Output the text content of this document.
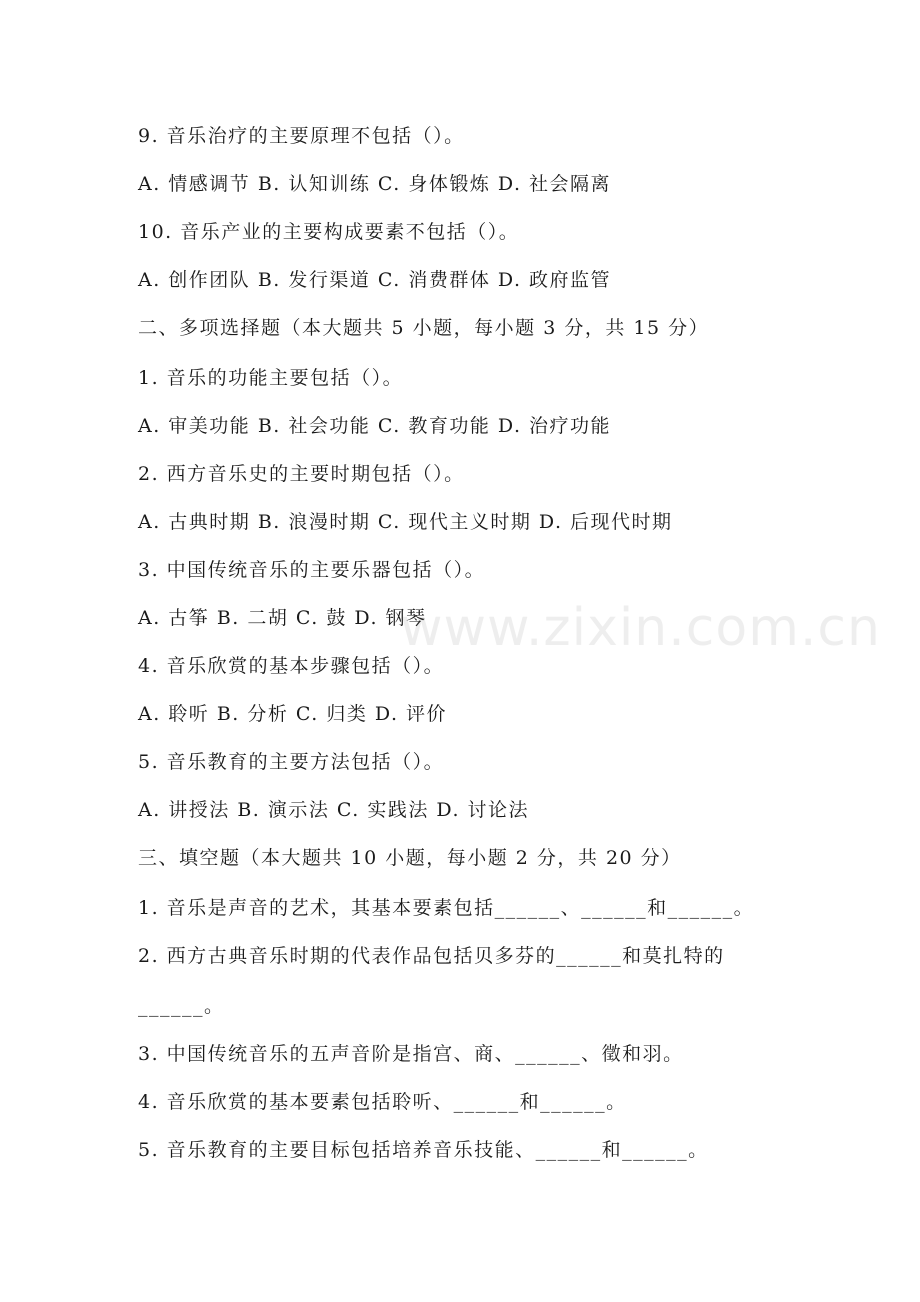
9. 音乐治疗的主要原理不包括（）。
A. 情感调节 B. 认知训练 C. 身体锻炼 D. 社会隔离
10. 音乐产业的主要构成要素不包括（）。
A. 创作团队 B. 发行渠道 C. 消费群体 D. 政府监管
二、多项选择题（本大题共 5 小题，每小题 3 分，共 15 分）
1. 音乐的功能主要包括（）。
A. 审美功能 B. 社会功能 C. 教育功能 D. 治疗功能
2. 西方音乐史的主要时期包括（）。
A. 古典时期 B. 浪漫时期 C. 现代主义时期 D. 后现代时期
3. 中国传统音乐的主要乐器包括（）。
A. 古筝 B. 二胡 C. 鼓 D. 钢琴
4. 音乐欣赏的基本步骤包括（）。
A. 聆听 B. 分析 C. 归类 D. 评价
5. 音乐教育的主要方法包括（）。
A. 讲授法 B. 演示法 C. 实践法 D. 讨论法
三、填空题（本大题共 10 小题，每小题 2 分，共 20 分）
1. 音乐是声音的艺术，其基本要素包括______、______和______。
2. 西方古典音乐时期的代表作品包括贝多芬的______和莫扎特的
______。
3. 中国传统音乐的五声音阶是指宫、商、______、徵和羽。
4. 音乐欣赏的基本要素包括聆听、______和______。
5. 音乐教育的主要目标包括培养音乐技能、______和______。
www.zixin.com.cn
